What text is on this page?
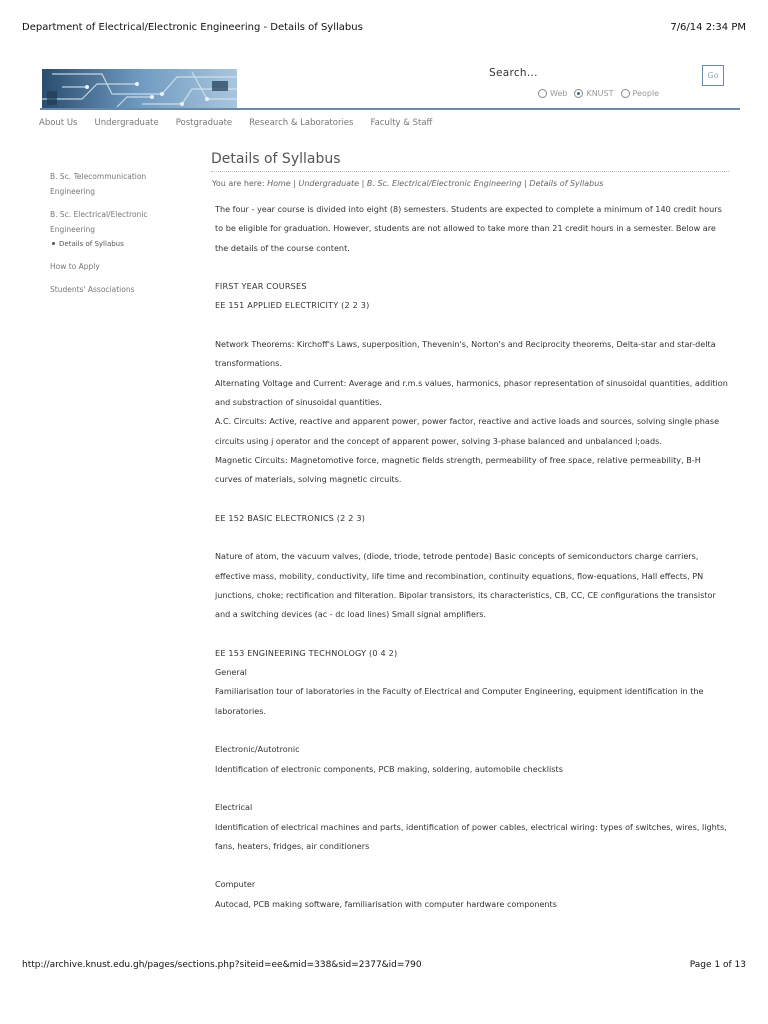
Department of Electrical/Electronic Engineering - Details of Syllabus	7/6/14 2:34 PM
Search...	Go
Web KNUST People
About Us Undergraduate Postgraduate Research & Laboratories Faculty & Staff
B. Sc. Telecommunication Engineering
B. Sc. Electrical/Electronic Engineering
Details of Syllabus
How to Apply
Students' Associations
Details of Syllabus
You are here: Home | Undergraduate | B. Sc. Electrical/Electronic Engineering | Details of Syllabus

The four - year course is divided into eight (8) semesters. Students are expected to complete a minimum of 140 credit hours to be eligible for graduation. However, students are not allowed to take more than 21 credit hours in a semester. Below are the details of the course content.

FIRST YEAR COURSES

EE 151 APPLIED ELECTRICITY (2 2 3)

Network Theorems: Kirchoff's Laws, superposition, Thevenin's, Norton's and Reciprocity theorems, Delta-star and star-delta transformations.

Alternating Voltage and Current: Average and r.m.s values, harmonics, phasor representation of sinusoidal quantities, addition and substraction of sinusoidal quantities.

A.C. Circuits: Active, reactive and apparent power, power factor, reactive and active loads and sources, solving single phase circuits using j operator and the concept of apparent power, solving 3-phase balanced and unbalanced l;oads.

Magnetic Circuits: Magnetomotive force, magnetic fields strength, permeability of free space, relative permeability, B-H curves of materials, solving magnetic circuits.

EE 152 BASIC ELECTRONICS (2 2 3)

Nature of atom, the vacuum valves, (diode, triode, tetrode pentode) Basic concepts of semiconductors charge carriers, effective mass, mobility, conductivity, life time and recombination, continuity equations, flow-equations, Hall effects, PN junctions, choke; rectification and filteration. Bipolar transistors, its characteristics, CB, CC, CE configurations the transistor and a switching devices (ac - dc load lines) Small signal amplifiers.

EE 153 ENGINEERING TECHNOLOGY (0 4 2)

General

Familiarisation tour of laboratories in the Faculty of Electrical and Computer Engineering, equipment identification in the laboratories.

Electronic/Autotronic

Identification of electronic components, PCB making, soldering, automobile checklists

Electrical

Identification of electrical machines and parts, identification of power cables, electrical wiring: types of switches, wires, lights, fans, heaters, fridges, air conditioners

Computer

Autocad, PCB making software, familiarisation with computer hardware components

http://archive.knust.edu.gh/pages/sections.php?siteid=ee&mid=338&sid=2377&id=790	Page 1 of 13
